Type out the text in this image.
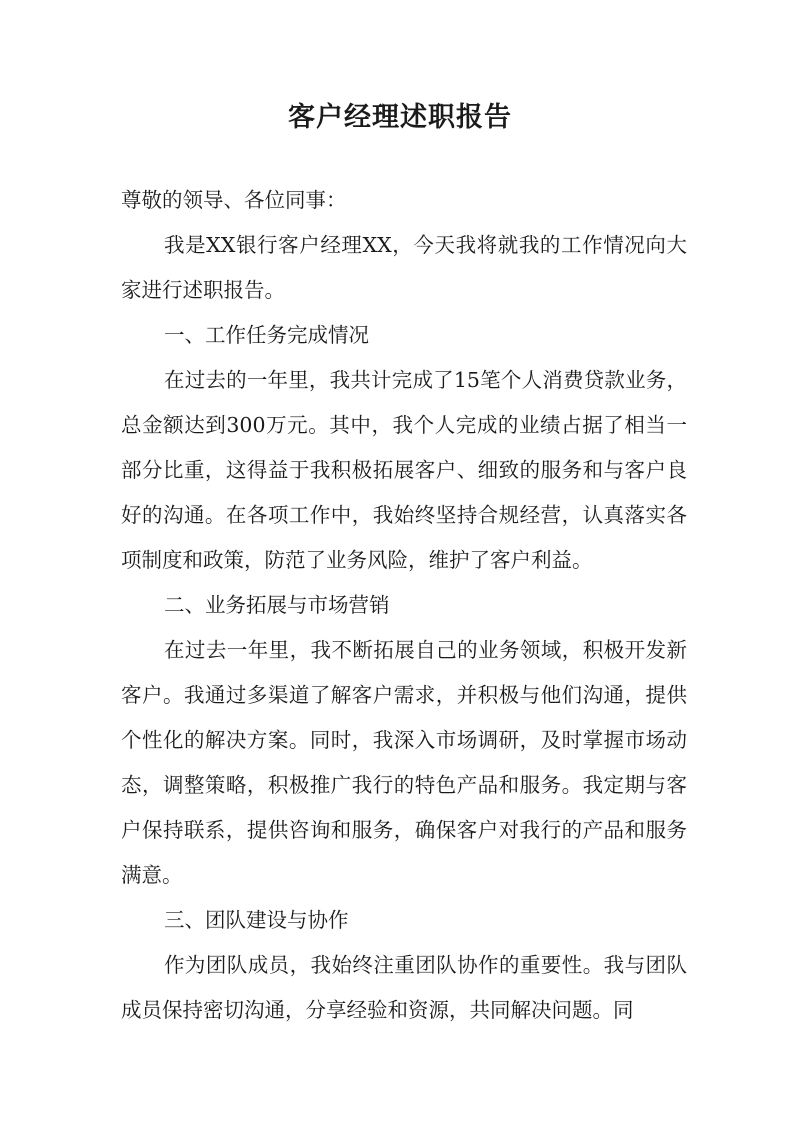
客户经理述职报告

尊敬的领导、各位同事：

我是XX银行客户经理XX，今天我将就我的工作情况向大家进行述职报告。

一、工作任务完成情况

在过去的一年里，我共计完成了15笔个人消费贷款业务，总金额达到300万元。其中，我个人完成的业绩占据了相当一部分比重，这得益于我积极拓展客户、细致的服务和与客户良好的沟通。在各项工作中，我始终坚持合规经营，认真落实各项制度和政策，防范了业务风险，维护了客户利益。

二、业务拓展与市场营销

在过去一年里，我不断拓展自己的业务领域，积极开发新客户。我通过多渠道了解客户需求，并积极与他们沟通，提供个性化的解决方案。同时，我深入市场调研，及时掌握市场动态，调整策略，积极推广我行的特色产品和服务。我定期与客户保持联系，提供咨询和服务，确保客户对我行的产品和服务满意。

三、团队建设与协作

作为团队成员，我始终注重团队协作的重要性。我与团队成员保持密切沟通，分享经验和资源，共同解决问题。同
